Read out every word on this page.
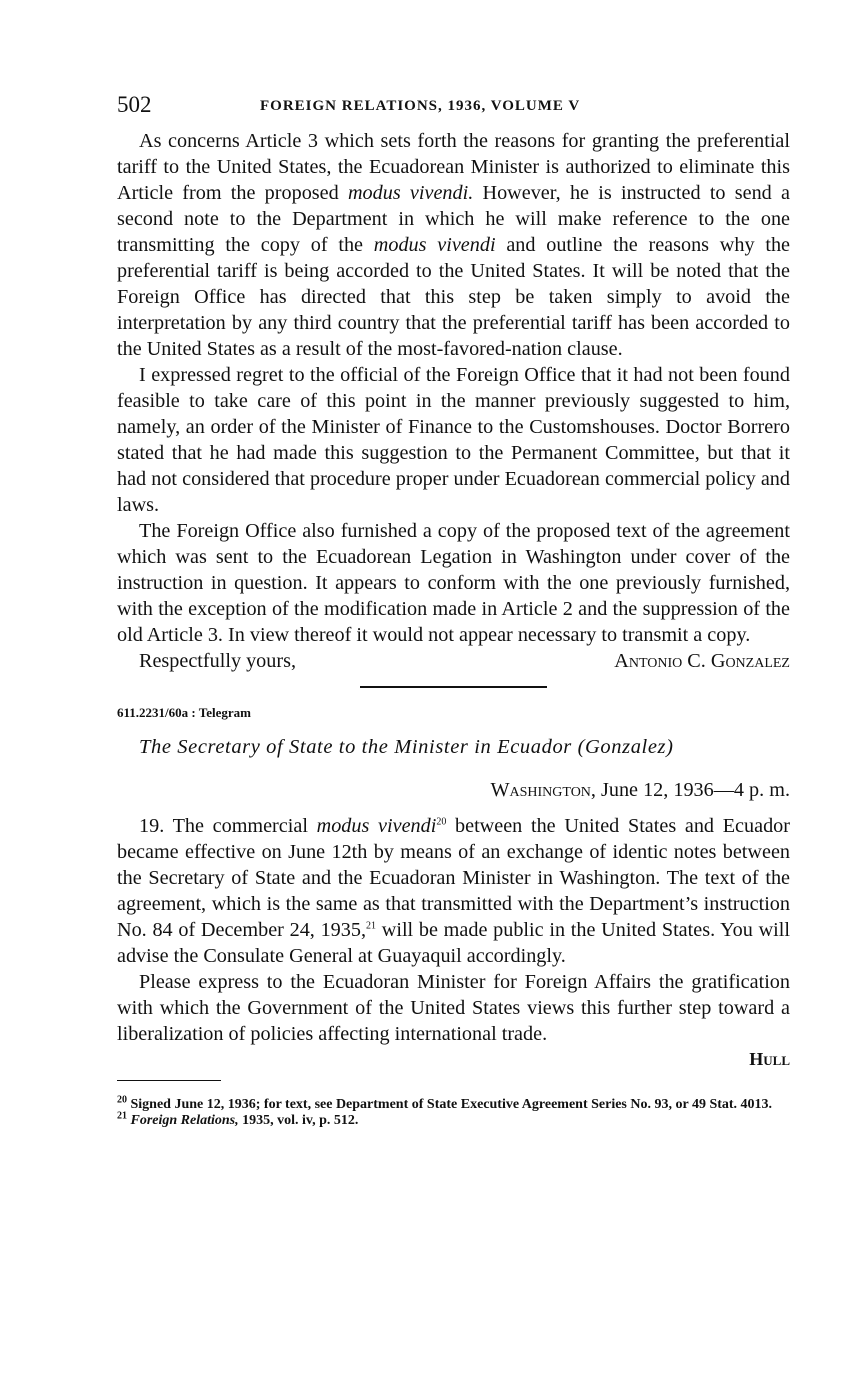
502	FOREIGN RELATIONS, 1936, VOLUME V

As concerns Article 3 which sets forth the reasons for granting the preferential tariff to the United States, the Ecuadorean Minister is authorized to eliminate this Article from the proposed modus vivendi. However, he is instructed to send a second note to the Department in which he will make reference to the one transmitting the copy of the modus vivendi and outline the reasons why the preferential tariff is being accorded to the United States. It will be noted that the Foreign Office has directed that this step be taken simply to avoid the interpretation by any third country that the preferential tariff has been accorded to the United States as a result of the most-favored-nation clause.

I expressed regret to the official of the Foreign Office that it had not been found feasible to take care of this point in the manner previously suggested to him, namely, an order of the Minister of Finance to the Customshouses. Doctor Borrero stated that he had made this suggestion to the Permanent Committee, but that it had not considered that procedure proper under Ecuadorean commercial policy and laws.

The Foreign Office also furnished a copy of the proposed text of the agreement which was sent to the Ecuadorean Legation in Washington under cover of the instruction in question. It appears to conform with the one previously furnished, with the exception of the modification made in Article 2 and the suppression of the old Article 3. In view thereof it would not appear necessary to transmit a copy.

Respectfully yours,	Antonio C. Gonzalez
611.2231/60a : Telegram
The Secretary of State to the Minister in Ecuador (Gonzalez)
Washington, June 12, 1936—4 p. m.

19. The commercial modus vivendi$^{20}$ between the United States and Ecuador became effective on June 12th by means of an exchange of identic notes between the Secretary of State and the Ecuadoran Minister in Washington. The text of the agreement, which is the same as that transmitted with the Department’s instruction No. 84 of December 24, 1935,21 will be made public in the United States. You will advise the Consulate General at Guayaquil accordingly.

Please express to the Ecuadoran Minister for Foreign Affairs the gratification with which the Government of the United States views this further step toward a liberalization of policies affecting international trade.

Hull
$^{20}$ Signed June 12, 1936; for text, see Department of State Executive Agreement Series No. 93, or 49 Stat. 4013.
$^{21}$ Foreign Relations, 1935, vol. iv, p. 512.
